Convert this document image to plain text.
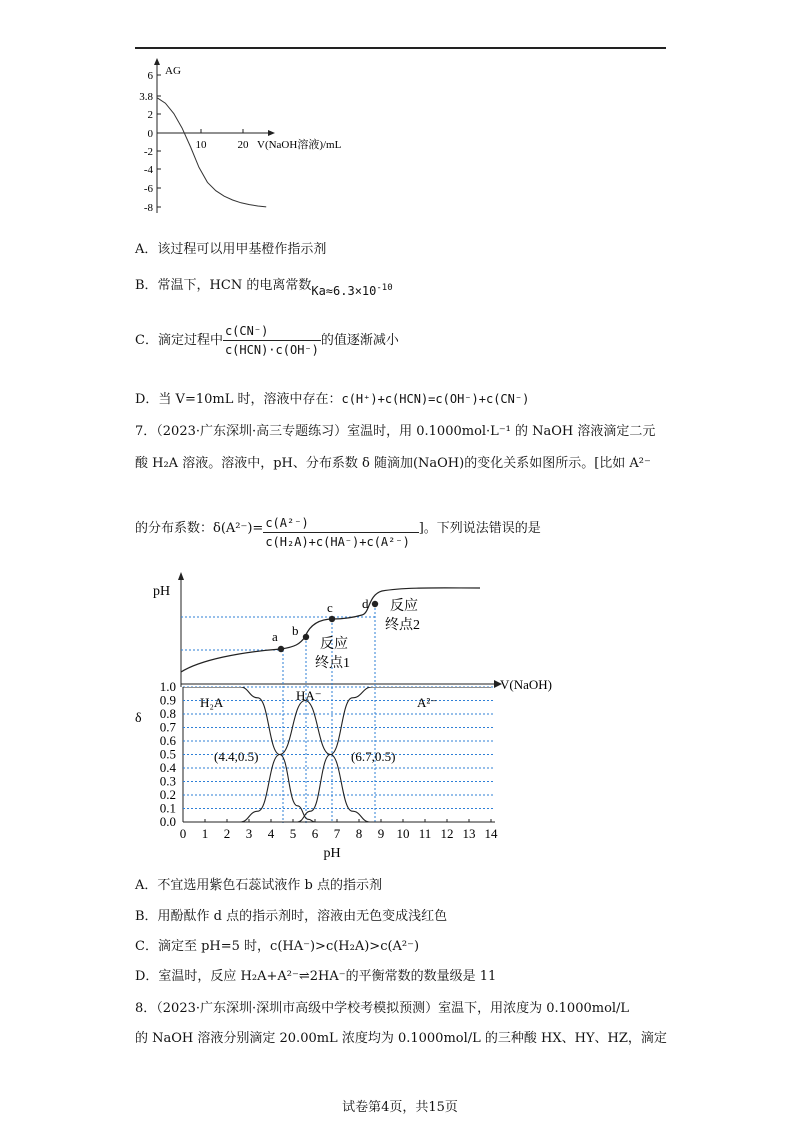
AG
6
3.8
2
0
-2
-4
-6
-8
10	20 V(NaOH溶液)/mL
A．该过程可以用甲基橙作指示剂
B．常温下，HCN 的电离常数$Ka\approx 6.3\times 10^{-10}$
C．滴定过程中 $\frac{c(CN^-)}{\text{c(HCN)·c(OH⁻)}}$ 的值逐渐减小
D．当 V=10mL 时，溶液中存在：c(H⁺)+c(HCN)=c(OH⁻)+c(CN⁻)
7．（2023·广东深圳·高三专题练习）室温时，用 0.1000mol·L⁻¹ 的 NaOH 溶液滴定二元
酸 H₂A 溶液。溶液中，pH、分布系数 δ 随滴加(NaOH)的变化关系如图所示。[比如 A²⁻
的分布系数：$\delta(A^{2-})= \frac{\text{c(A²⁻)}}{\text{c(H₂A)+c(HA⁻)+c(A²⁻)}}$ ]。下列说法错误的是
pH
V(NaOH)
a b
c d
反应
终点1
反应
终点2
δ
1.0
0.9
0.8
0.7
0.6
0.5
0.4
0.3
0.2
0.1
0.0
0 1 2 3 4 5 6 7 8 9 10 11 12 13 14
pH
H₂A	HA⁻	A²⁻
(4.4,0.5)	(6.7,0.5)
A．不宜选用紫色石蕊试液作 b 点的指示剂
B．用酚酞作 d 点的指示剂时，溶液由无色变成浅红色
C．滴定至 pH=5 时，c(HA⁻)>c(H₂A)>c(A²⁻)
D．室温时，反应 H₂A+A²⁻⇌2HA⁻的平衡常数的数量级是 11
8．（2023·广东深圳·深圳市高级中学校考模拟预测）室温下，用浓度为 0.1000mol/L
的 NaOH 溶液分别滴定 20.00mL 浓度均为 0.1000mol/L 的三种酸 HX、HY、HZ，滴定
试卷第4页，共15页
